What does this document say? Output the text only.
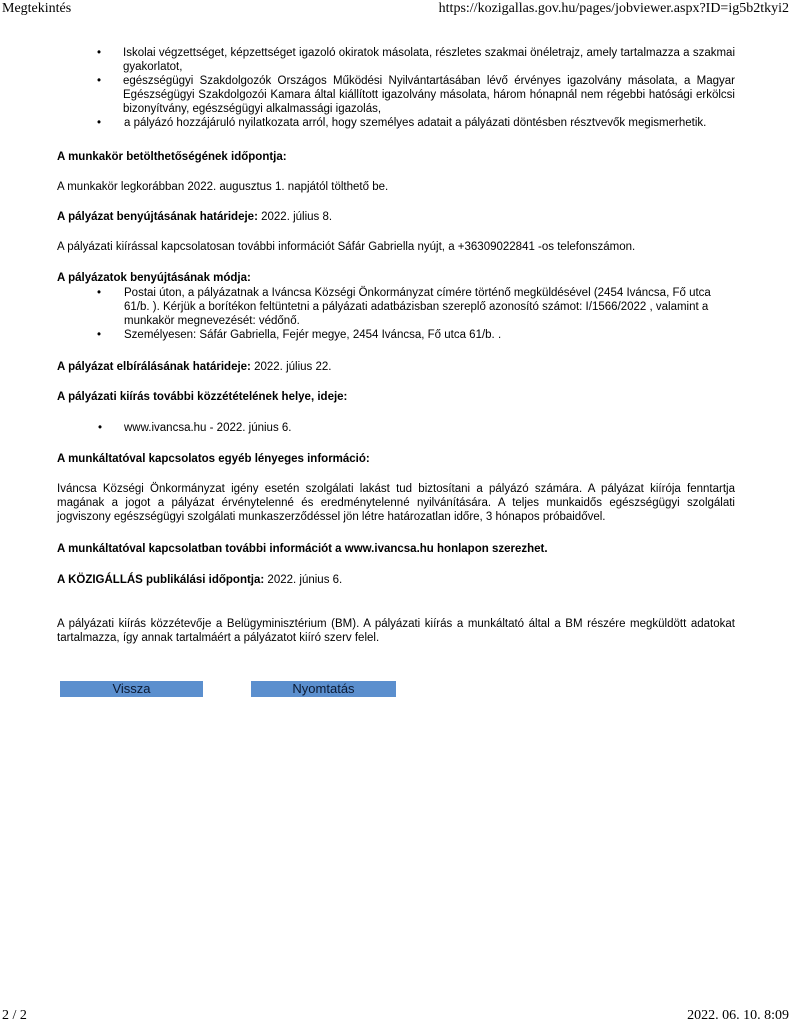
Megtekintés	https://kozigallas.gov.hu/pages/jobviewer.aspx?ID=ig5b2tkyi2
• Iskolai végzettséget, képzettséget igazoló okiratok másolata, részletes szakmai önéletrajz, amely tartalmazza a szakmai gyakorlatot,
• egészségügyi Szakdolgozók Országos Működési Nyilvántartásában lévő érvényes igazolvány másolata, a Magyar Egészségügyi Szakdolgozói Kamara által kiállított igazolvány másolata, három hónapnál nem régebbi hatósági erkölcsi bizonyítvány, egészségügyi alkalmassági igazolás,
• a pályázó hozzájáruló nyilatkozata arról, hogy személyes adatait a pályázati döntésben résztvevők megismerhetik.

A munkakör betölthetőségének időpontja:

A munkakör legkorábban 2022. augusztus 1. napjától tölthető be.

A pályázat benyújtásának határideje: 2022. július 8.

A pályázati kiírással kapcsolatosan további információt Sáfár Gabriella nyújt, a +36309022841 -os telefonszámon.

A pályázatok benyújtásának módja:

• Postai úton, a pályázatnak a Iváncsa Községi Önkormányzat címére történő megküldésével (2454 Iváncsa, Fő utca 61/b. ). Kérjük a borítékon feltüntetni a pályázati adatbázisban szereplő azonosító számot: I/1566/2022 , valamint a munkakör megnevezését: védőnő.
• Személyesen: Sáfár Gabriella, Fejér megye, 2454 Iváncsa, Fő utca 61/b. .

A pályázat elbírálásának határideje: 2022. július 22.

A pályázati kiírás további közzétételének helye, ideje:

• www.ivancsa.hu - 2022. június 6.

A munkáltatóval kapcsolatos egyéb lényeges információ:

Iváncsa Községi Önkormányzat igény esetén szolgálati lakást tud biztosítani a pályázó számára. A pályázat kiírója fenntartja magának a jogot a pályázat érvénytelenné és eredménytelenné nyilvánítására. A teljes munkaidős egészségügyi szolgálati jogviszony egészségügyi szolgálati munkaszerződéssel jön létre határozatlan időre, 3 hónapos próbaidővel.

A munkáltatóval kapcsolatban további információt a www.ivancsa.hu honlapon szerezhet.

A KÖZIGÁLLÁS publikálási időpontja: 2022. június 6.

A pályázati kiírás közzétevője a Belügyminisztérium (BM). A pályázati kiírás a munkáltató által a BM részére megküldött adatokat tartalmazza, így annak tartalmáért a pályázatot kiíró szerv felel.

Vissza	Nyomtatás
2 / 2	2022. 06. 10. 8:09
